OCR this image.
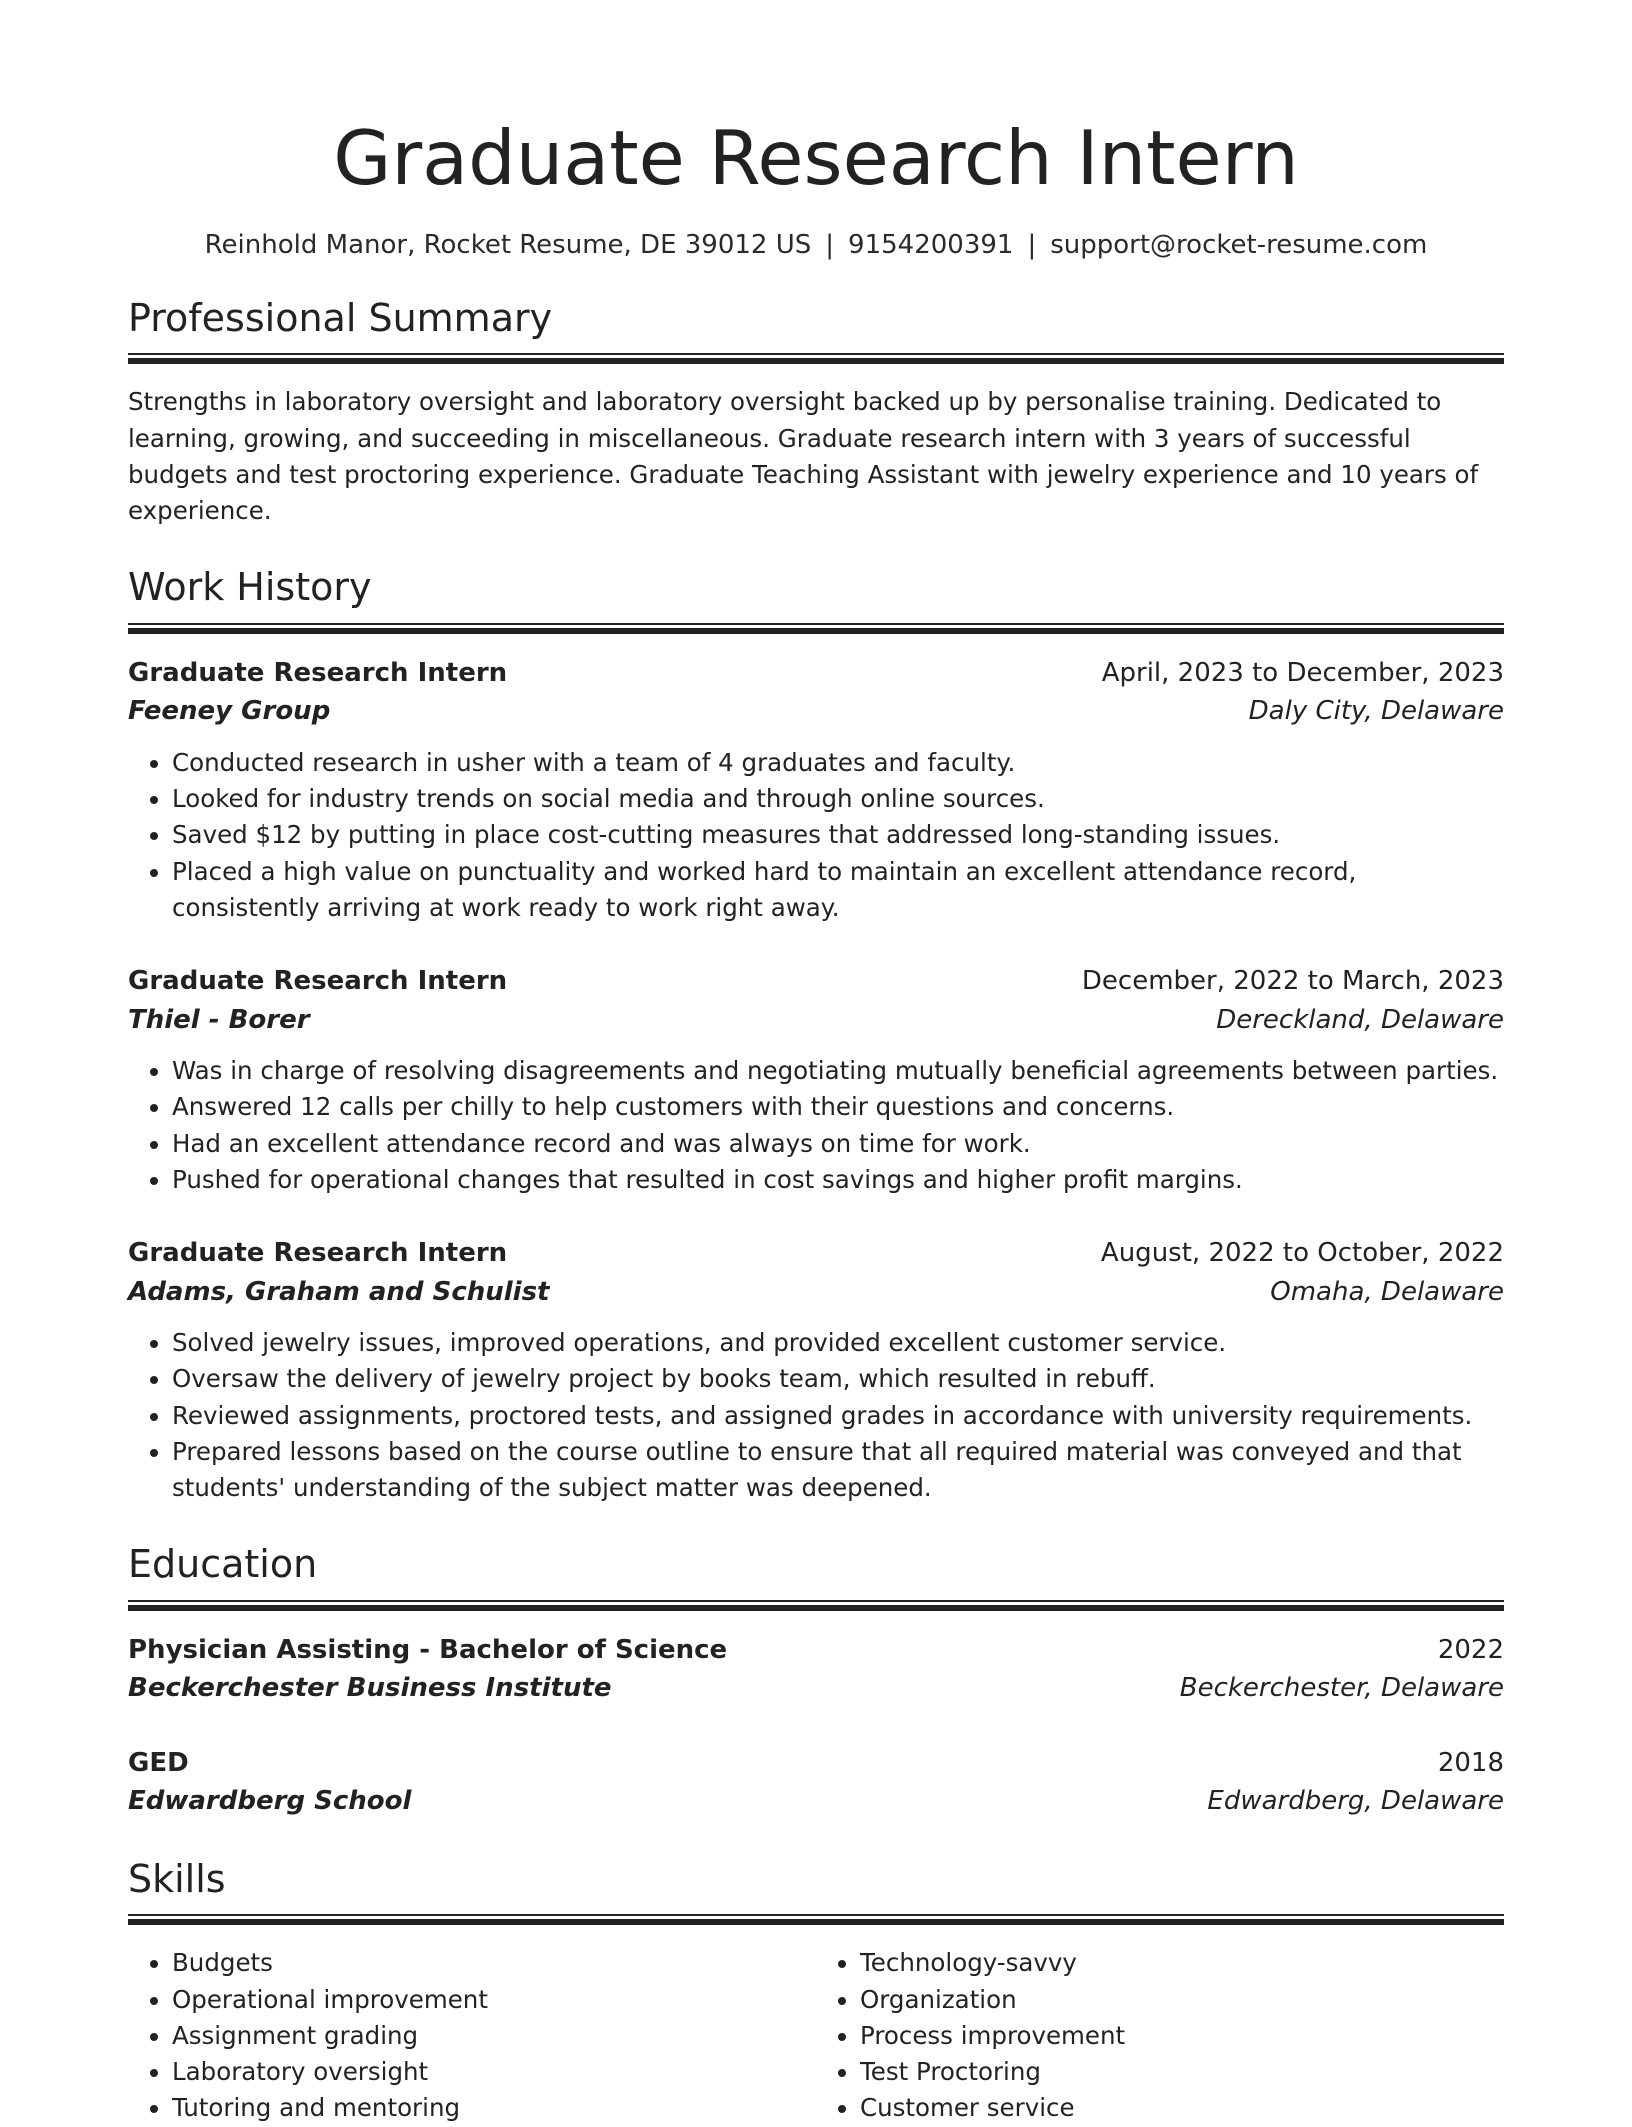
Graduate Research Intern
Reinhold Manor, Rocket Resume, DE 39012 US | 9154200391 | support@rocket-resume.com
Professional Summary

Strengths in laboratory oversight and laboratory oversight backed up by personalise training. Dedicated to learning, growing, and succeeding in miscellaneous. Graduate research intern with 3 years of successful budgets and test proctoring experience. Graduate Teaching Assistant with jewelry experience and 10 years of experience.

Work History
Graduate Research Intern	April, 2023 to December, 2023
Feeney Group	Daly City, Delaware
• Conducted research in usher with a team of 4 graduates and faculty.
• Looked for industry trends on social media and through online sources.
• Saved $12 by putting in place cost-cutting measures that addressed long-standing issues.
• Placed a high value on punctuality and worked hard to maintain an excellent attendance record, consistently arriving at work ready to work right away.
Graduate Research Intern	December, 2022 to March, 2023
Thiel - Borer	Dereckland, Delaware
• Was in charge of resolving disagreements and negotiating mutually beneficial agreements between parties.
• Answered 12 calls per chilly to help customers with their questions and concerns.
• Had an excellent attendance record and was always on time for work.
• Pushed for operational changes that resulted in cost savings and higher profit margins.
Graduate Research Intern	August, 2022 to October, 2022
Adams, Graham and Schulist	Omaha, Delaware
• Solved jewelry issues, improved operations, and provided excellent customer service.
• Oversaw the delivery of jewelry project by books team, which resulted in rebuff.
• Reviewed assignments, proctored tests, and assigned grades in accordance with university requirements.
• Prepared lessons based on the course outline to ensure that all required material was conveyed and that students' understanding of the subject matter was deepened.
Education
Physician Assisting - Bachelor of Science	2022
Beckerchester Business Institute	Beckerchester, Delaware
GED	2018
Edwardberg School	Edwardberg, Delaware
Skills
• Budgets
• Operational improvement
• Assignment grading
• Laboratory oversight
• Tutoring and mentoring
• Technology-savvy
• Organization
• Process improvement
• Test Proctoring
• Customer service
